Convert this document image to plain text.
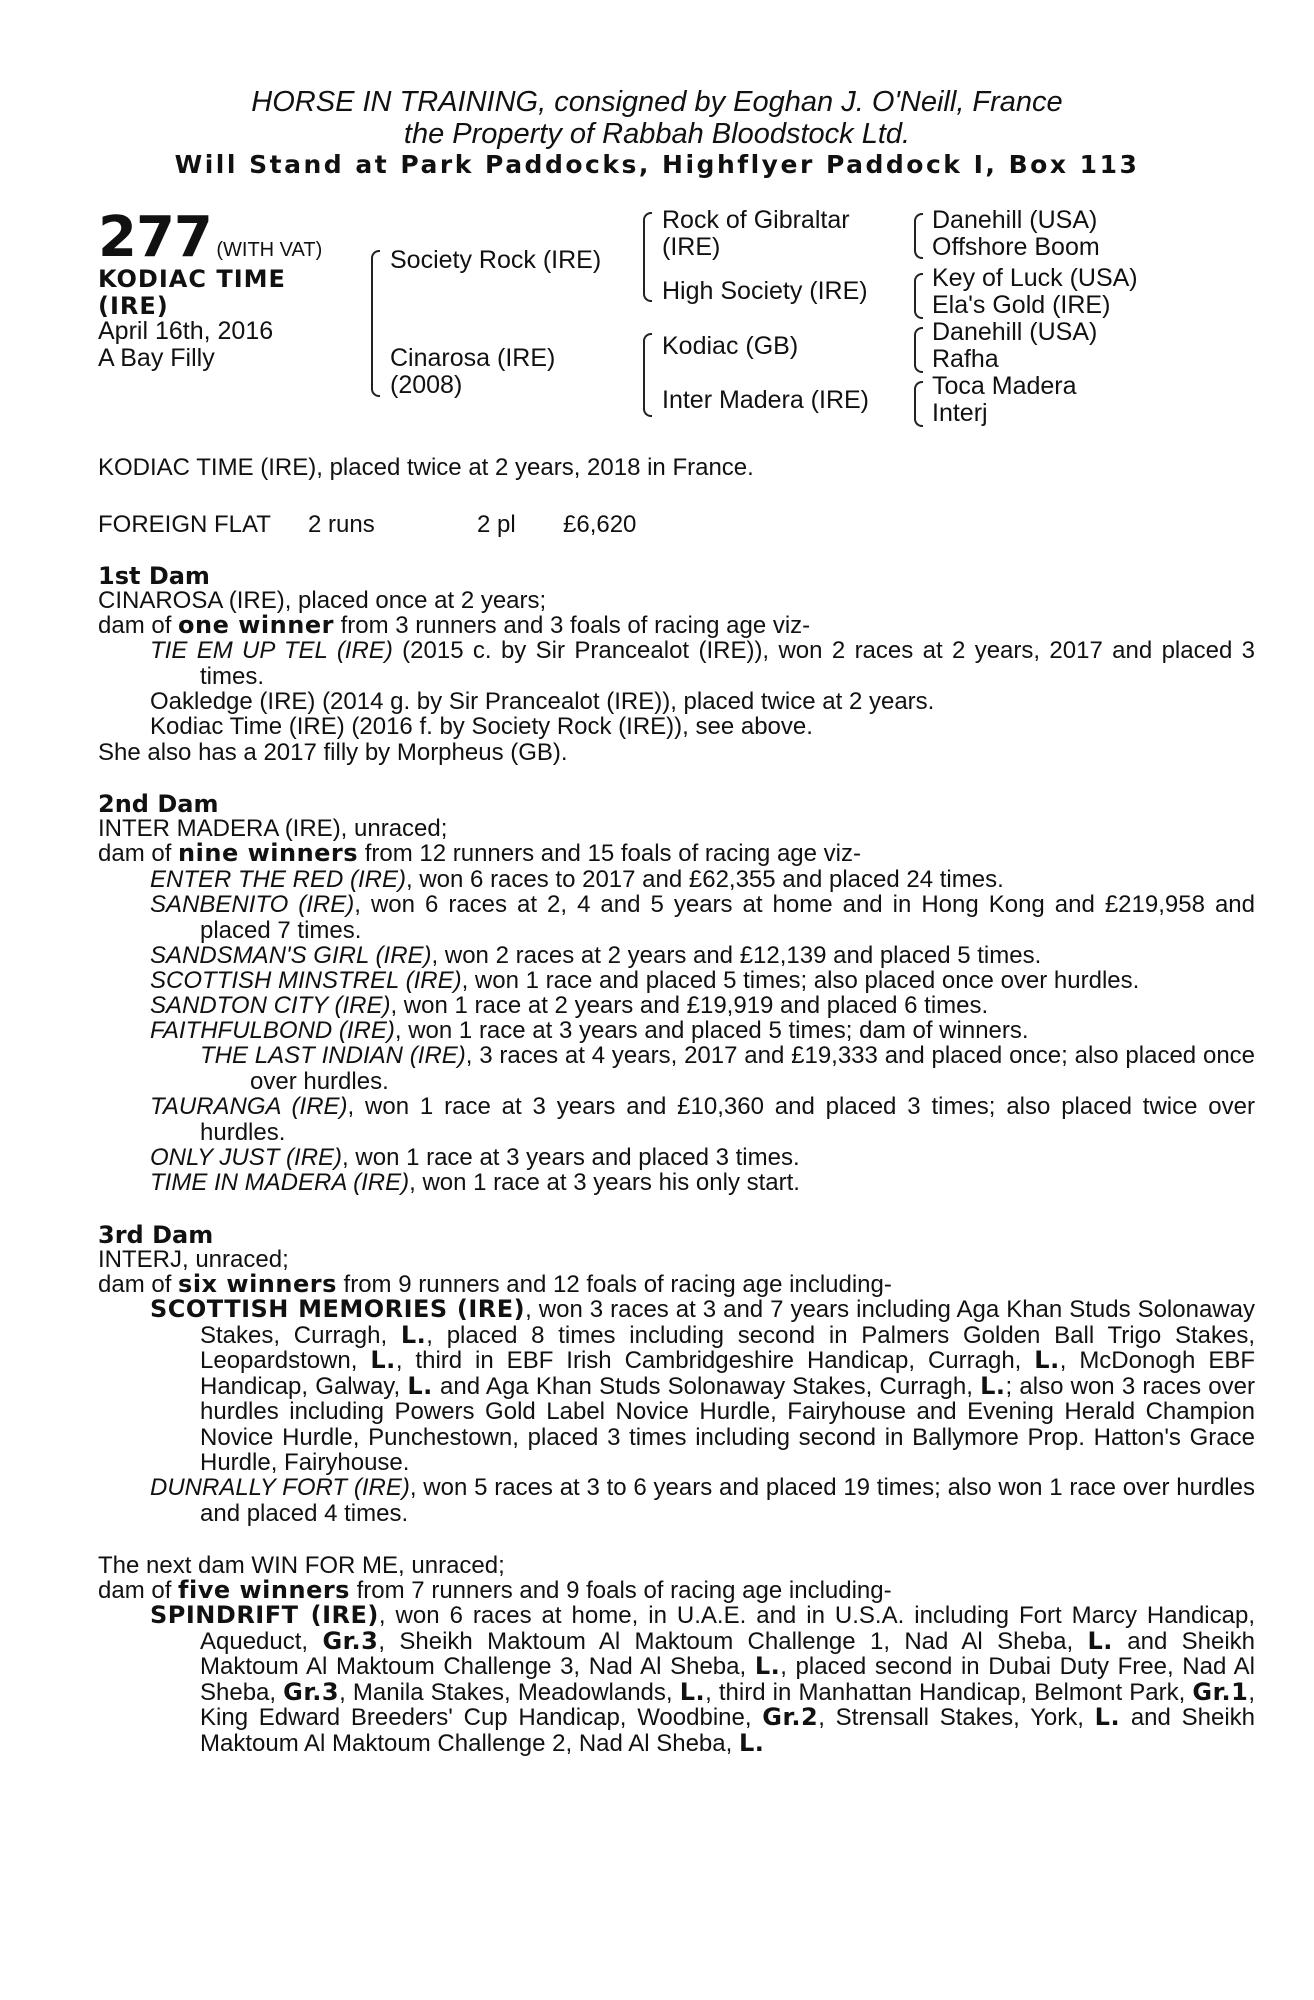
HORSE IN TRAINING, consigned by Eoghan J. O'Neill, France
the Property of Rabbah Bloodstock Ltd.
Will Stand at Park Paddocks, Highflyer Paddock I, Box 113
277 (WITH VAT)
KODIAC TIME
(IRE)
April 16th, 2016
A Bay Filly
Society Rock (IRE)
Cinarosa (IRE)
(2008)
Rock of Gibraltar
(IRE)
High Society (IRE)
Kodiac (GB)
Inter Madera (IRE)
Danehill (USA)
Offshore Boom
Key of Luck (USA)
Ela's Gold (IRE)
Danehill (USA)
Rafha
Toca Madera
Interj
KODIAC TIME (IRE), placed twice at 2 years, 2018 in France.
FOREIGN FLAT 2 runs	2 pl £6,620
1st Dam
CINAROSA (IRE), placed once at 2 years;
dam of one winner from 3 runners and 3 foals of racing age viz-
TIE EM UP TEL (IRE) (2015 c. by Sir Prancealot (IRE)), won 2 races at 2 years, 2017 and placed 3 times.
Oakledge (IRE) (2014 g. by Sir Prancealot (IRE)), placed twice at 2 years.
Kodiac Time (IRE) (2016 f. by Society Rock (IRE)), see above.
She also has a 2017 filly by Morpheus (GB).
2nd Dam
INTER MADERA (IRE), unraced;
dam of nine winners from 12 runners and 15 foals of racing age viz-
ENTER THE RED (IRE), won 6 races to 2017 and £62,355 and placed 24 times.
SANBENITO (IRE), won 6 races at 2, 4 and 5 years at home and in Hong Kong and £219,958 and placed 7 times.
SANDSMAN'S GIRL (IRE), won 2 races at 2 years and £12,139 and placed 5 times.
SCOTTISH MINSTREL (IRE), won 1 race and placed 5 times; also placed once over hurdles.
SANDTON CITY (IRE), won 1 race at 2 years and £19,919 and placed 6 times.
FAITHFULBOND (IRE), won 1 race at 3 years and placed 5 times; dam of winners.
THE LAST INDIAN (IRE), 3 races at 4 years, 2017 and £19,333 and placed once; also placed once over hurdles.
TAURANGA (IRE), won 1 race at 3 years and £10,360 and placed 3 times; also placed twice over hurdles.
ONLY JUST (IRE), won 1 race at 3 years and placed 3 times.
TIME IN MADERA (IRE), won 1 race at 3 years his only start.
3rd Dam
INTERJ, unraced;
dam of six winners from 9 runners and 12 foals of racing age including-
SCOTTISH MEMORIES (IRE), won 3 races at 3 and 7 years including Aga Khan Studs Solonaway Stakes, Curragh, L., placed 8 times including second in Palmers Golden Ball Trigo Stakes, Leopardstown, L., third in EBF Irish Cambridgeshire Handicap, Curragh, L., McDonogh EBF Handicap, Galway, L. and Aga Khan Studs Solonaway Stakes, Curragh, L.; also won 3 races over hurdles including Powers Gold Label Novice Hurdle, Fairyhouse and Evening Herald Champion Novice Hurdle, Punchestown, placed 3 times including second in Ballymore Prop. Hatton's Grace Hurdle, Fairyhouse.
DUNRALLY FORT (IRE), won 5 races at 3 to 6 years and placed 19 times; also won 1 race over hurdles and placed 4 times.
The next dam WIN FOR ME, unraced;
dam of five winners from 7 runners and 9 foals of racing age including-
SPINDRIFT (IRE), won 6 races at home, in U.A.E. and in U.S.A. including Fort Marcy Handicap, Aqueduct, Gr.3, Sheikh Maktoum Al Maktoum Challenge 1, Nad Al Sheba, L. and Sheikh Maktoum Al Maktoum Challenge 3, Nad Al Sheba, L., placed second in Dubai Duty Free, Nad Al Sheba, Gr.3, Manila Stakes, Meadowlands, L., third in Manhattan Handicap, Belmont Park, Gr.1, King Edward Breeders' Cup Handicap, Woodbine, Gr.2, Strensall Stakes, York, L. and Sheikh Maktoum Al Maktoum Challenge 2, Nad Al Sheba, L.
